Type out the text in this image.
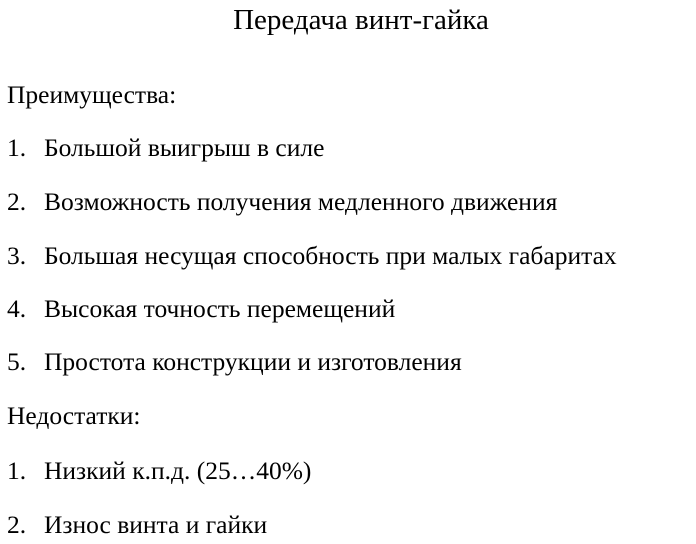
Передача винт-гайка
Преимущества:
1. Большой выигрыш в силе
2. Возможность получения медленного движения
3. Большая несущая способность при малых габаритах
4. Высокая точность перемещений
5. Простота конструкции и изготовления
Недостатки:
1. Низкий к.п.д. (25…40%)
2. Износ винта и гайки
